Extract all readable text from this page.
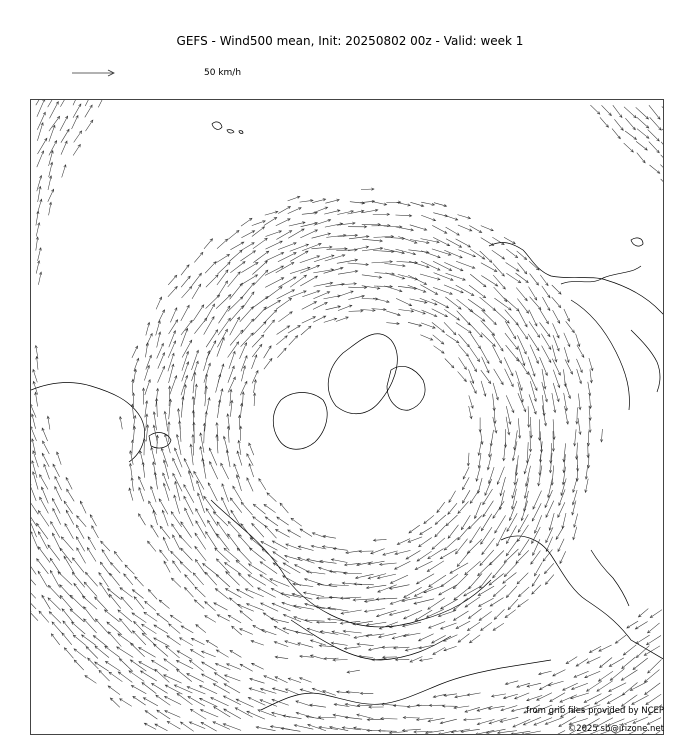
GEFS - Wind500 mean, Init: 20250802 00z - Valid: week 1
50 km/h
from grib files provided by NCEP
©2025 sb@irizone.net
